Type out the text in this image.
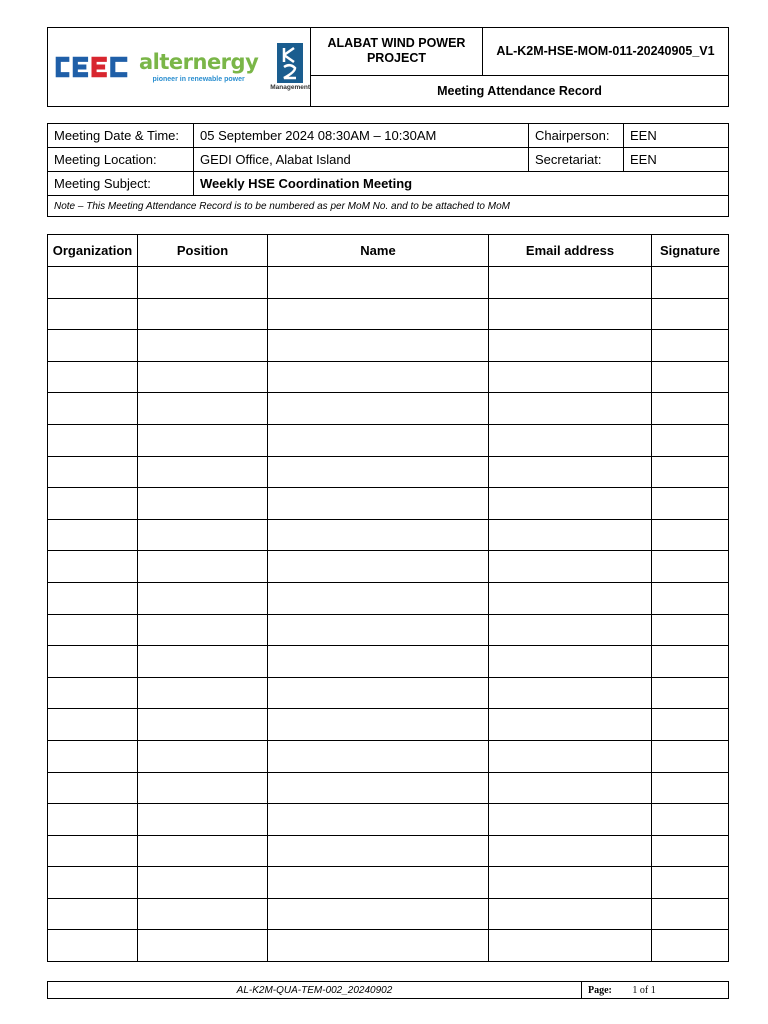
alternergy
pioneer in renewable power
Management
	ALABAT WIND POWER PROJECT	AL-K2M-HSE-MOM-011-20240905_V1
Meeting Attendance Record
Meeting Date & Time:	05 September 2024 08:30AM – 10:30AM	Chairperson:	EEN
Meeting Location:	GEDI Office, Alabat Island	Secretariat:	EEN
Meeting Subject:	Weekly HSE Coordination Meeting		
Note – This Meeting Attendance Record is to be numbered as per MoM No. and to be attached to MoM			
Organization	Position	Name	Email address	Signature

AL-K2M-QUA-TEM-002_20240902	Page: 1 of 1
